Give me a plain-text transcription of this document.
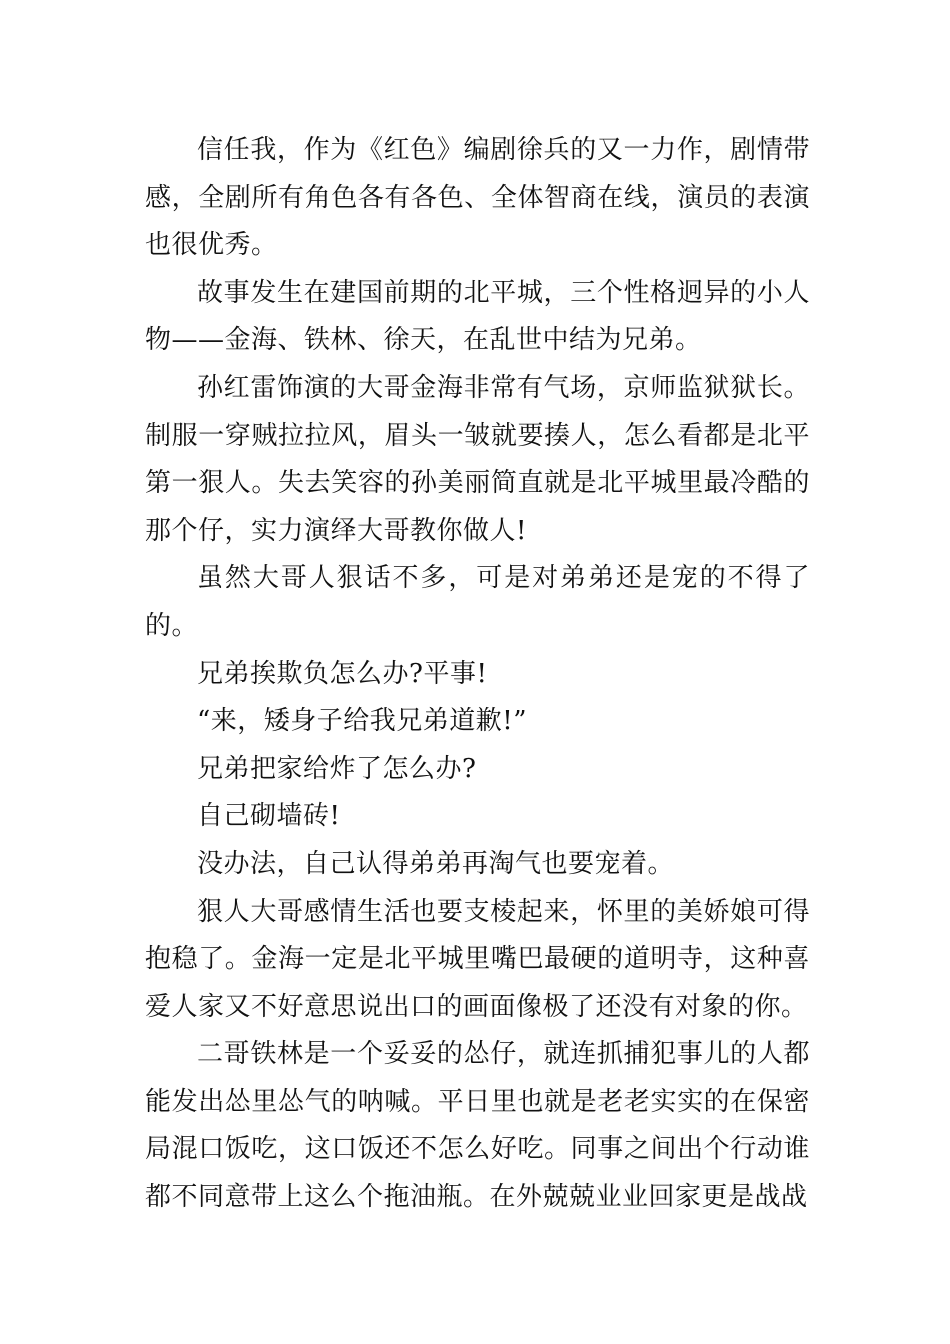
信任我，作为《红色》编剧徐兵的又一力作，剧情带感，全剧所有角色各有各色、全体智商在线，演员的表演也很优秀。

故事发生在建国前期的北平城，三个性格迥异的小人物——金海、铁林、徐天，在乱世中结为兄弟。

孙红雷饰演的大哥金海非常有气场，京师监狱狱长。制服一穿贼拉拉风，眉头一皱就要揍人，怎么看都是北平第一狠人。失去笑容的孙美丽简直就是北平城里最冷酷的那个仔，实力演绎大哥教你做人!

虽然大哥人狠话不多，可是对弟弟还是宠的不得了的。

兄弟挨欺负怎么办?平事!

“来，矮身子给我兄弟道歉!”

兄弟把家给炸了怎么办?

自己砌墙砖!

没办法，自己认得弟弟再淘气也要宠着。

狠人大哥感情生活也要支棱起来，怀里的美娇娘可得抱稳了。金海一定是北平城里嘴巴最硬的道明寺，这种喜爱人家又不好意思说出口的画面像极了还没有对象的你。

二哥铁林是一个妥妥的怂仔，就连抓捕犯事儿的人都能发出怂里怂气的呐喊。平日里也就是老老实实的在保密局混口饭吃，这口饭还不怎么好吃。同事之间出个行动谁都不同意带上这么个拖油瓶。在外兢兢业业回家更是战战
